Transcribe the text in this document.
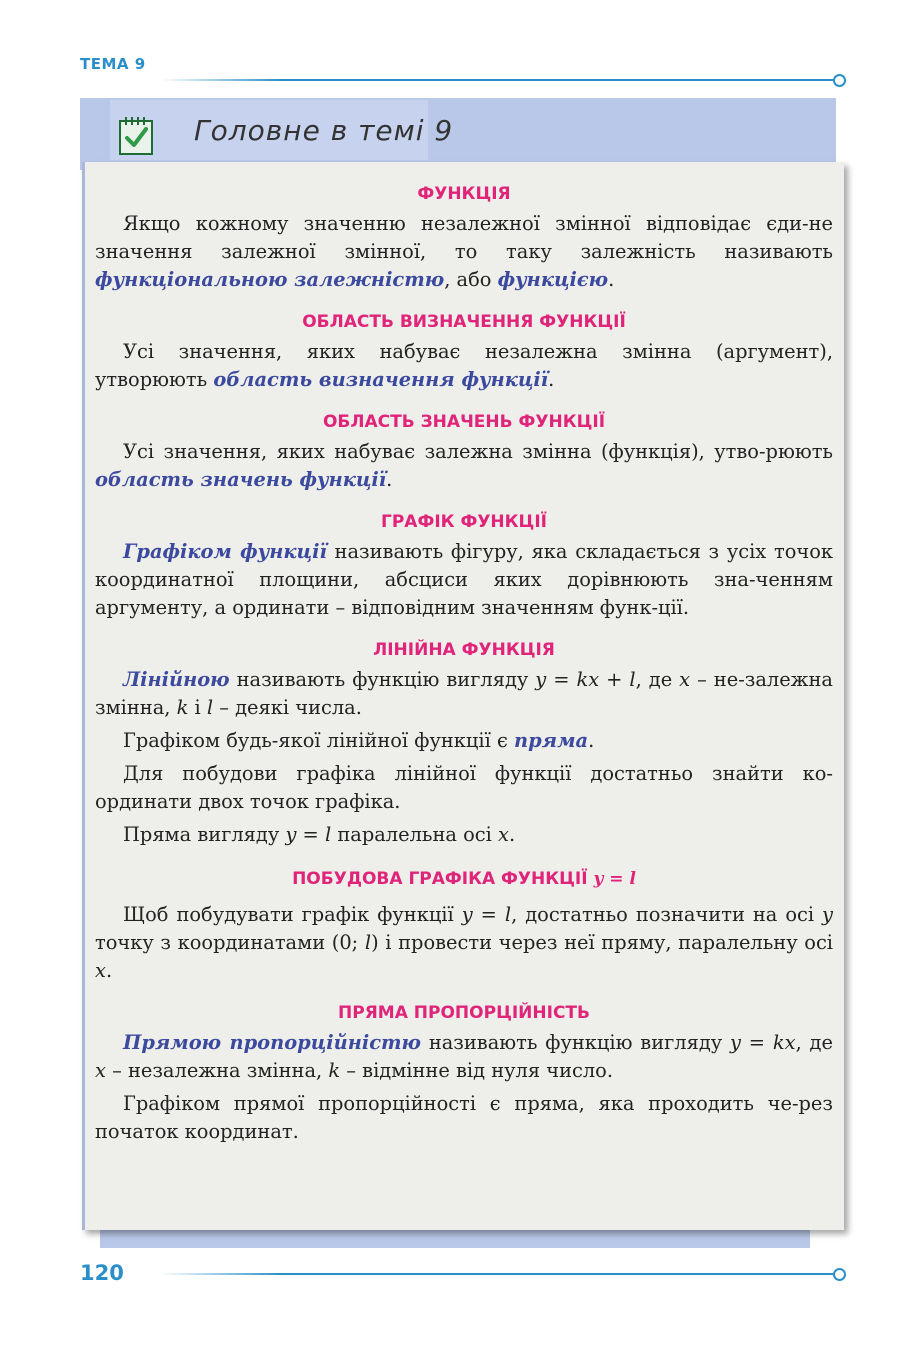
ТЕМА 9
Головне в темі 9
ФУНКЦІЯ

Якщо кожному значенню незалежної змінної відповідає єди-не значення залежної змінної, то таку залежність називають функціональною залежністю, або функцією.

ОБЛАСТЬ ВИЗНАЧЕННЯ ФУНКЦІЇ

Усі значення, яких набуває незалежна змінна (аргумент), утворюють область визначення функції.

ОБЛАСТЬ ЗНАЧЕНЬ ФУНКЦІЇ

Усі значення, яких набуває залежна змінна (функція), утво-рюють область значень функції.

ГРАФІК ФУНКЦІЇ

Графіком функції називають фігуру, яка складається з усіх точок координатної площини, абсциси яких дорівнюють зна-ченням аргументу, а ординати – відповідним значенням функ-ції.

ЛІНІЙНА ФУНКЦІЯ

Лінійною називають функцію вигляду y = kx + l, де x – не-залежна змінна, k і l – деякі числа.

Графіком будь-якої лінійної функції є пряма.

Для побудови графіка лінійної функції достатньо знайти ко-ординати двох точок графіка.

Пряма вигляду y = l паралельна осі x.

ПОБУДОВА ГРАФІКА ФУНКЦІЇ y = l

Щоб побудувати графік функції y = l, достатньо позначити на осі y точку з координатами (0; l) і провести через неї пряму, паралельну осі x.

ПРЯМА ПРОПОРЦІЙНІСТЬ

Прямою пропорційністю називають функцію вигляду y = kx, де x – незалежна змінна, k – відмінне від нуля число.

Графіком прямої пропорційності є пряма, яка проходить че-рез початок координат.

120
